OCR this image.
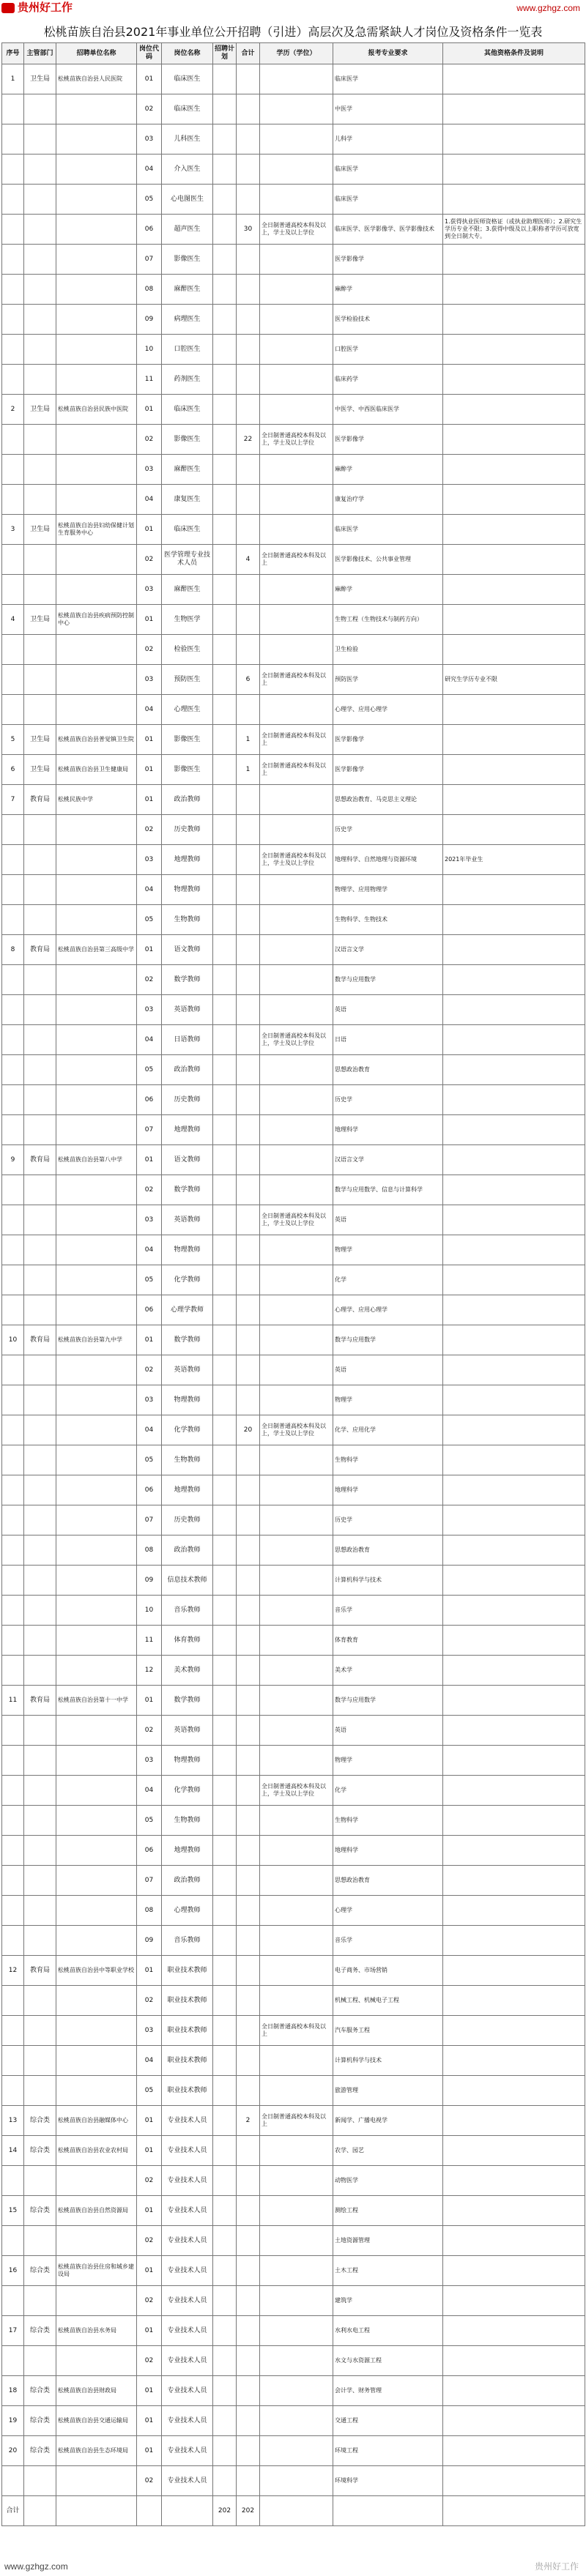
贵州好工作	www.gzhgz.com
松桃苗族自治县2021年事业单位公开招聘（引进）高层次及急需紧缺人才岗位及资格条件一览表
序号	主管部门	招聘单位名称	岗位代码	岗位名称	招聘计划	合计	学历（学位）	报考专业要求	其他资格条件及说明
1	卫生局	松桃苗族自治县人民医院	01	临床医生				临床医学	
			02	临床医生				中医学	
			03	儿科医生				儿科学	
			04	介入医生				临床医学	
			05	心电图医生				临床医学	
			06	超声医生		30	全日制普通高校本科及以上，学士及以上学位	临床医学、医学影像学、医学影像技术	1.获得执业医师资格证（或执业助理医师）；2.研究生学历专业不限；3.获得中级及以上职称者学历可放宽到全日制大专。
			07	影像医生				医学影像学	
			08	麻醉医生				麻醉学	
			09	病理医生				医学检验技术	
			10	口腔医生				口腔医学	
			11	药剂医生				临床药学	
2	卫生局	松桃苗族自治县民族中医院	01	临床医生				中医学、中西医临床医学	
			02	影像医生		22	全日制普通高校本科及以上，学士及以上学位	医学影像学	
			03	麻醉医生				麻醉学	
			04	康复医生				康复治疗学	
3	卫生局	松桃苗族自治县妇幼保健计划生育服务中心	01	临床医生				临床医学	
			02	医学管理专业技术人员		4	全日制普通高校本科及以上	医学影像技术、公共事业管理	
			03	麻醉医生				麻醉学	
4	卫生局	松桃苗族自治县疾病预防控制中心	01	生物医学				生物工程（生物技术与制药方向）	
			02	检验医生				卫生检验	
			03	预防医生		6	全日制普通高校本科及以上	预防医学	研究生学历专业不限
			04	心理医生				心理学、应用心理学	
5	卫生局	松桃苗族自治县普觉镇卫生院	01	影像医生		1	全日制普通高校本科及以上	医学影像学	
6	卫生局	松桃苗族自治县卫生健康局	01	影像医生		1	全日制普通高校本科及以上	医学影像学	
7	教育局	松桃民族中学	01	政治教师				思想政治教育、马克思主义理论	
			02	历史教师				历史学	
			03	地理教师			全日制普通高校本科及以上，学士及以上学位	地理科学、自然地理与资源环境	2021年毕业生
			04	物理教师				物理学、应用物理学	
			05	生物教师				生物科学、生物技术	
8	教育局	松桃苗族自治县第三高级中学	01	语文教师				汉语言文学	
			02	数学教师				数学与应用数学	
			03	英语教师				英语	
			04	日语教师			全日制普通高校本科及以上，学士及以上学位	日语	
			05	政治教师				思想政治教育	
			06	历史教师				历史学	
			07	地理教师				地理科学	
9	教育局	松桃苗族自治县第八中学	01	语文教师				汉语言文学	
			02	数学教师				数学与应用数学、信息与计算科学	
			03	英语教师			全日制普通高校本科及以上，学士及以上学位	英语	
			04	物理教师				物理学	
			05	化学教师				化学	
			06	心理学教师				心理学、应用心理学	
10	教育局	松桃苗族自治县第九中学	01	数学教师				数学与应用数学	
			02	英语教师				英语	
			03	物理教师				物理学	
			04	化学教师		20	全日制普通高校本科及以上，学士及以上学位	化学、应用化学	
			05	生物教师				生物科学	
			06	地理教师				地理科学	
			07	历史教师				历史学	
			08	政治教师				思想政治教育	
			09	信息技术教师				计算机科学与技术	
			10	音乐教师				音乐学	
			11	体育教师				体育教育	
			12	美术教师				美术学	
11	教育局	松桃苗族自治县第十一中学	01	数学教师				数学与应用数学	
			02	英语教师				英语	
			03	物理教师				物理学	
			04	化学教师			全日制普通高校本科及以上，学士及以上学位	化学	
			05	生物教师				生物科学	
			06	地理教师				地理科学	
			07	政治教师				思想政治教育	
			08	心理教师				心理学	
			09	音乐教师				音乐学	
12	教育局	松桃苗族自治县中等职业学校	01	职业技术教师				电子商务、市场营销	
			02	职业技术教师				机械工程、机械电子工程	
			03	职业技术教师			全日制普通高校本科及以上	汽车服务工程	
			04	职业技术教师				计算机科学与技术	
			05	职业技术教师				旅游管理	
13	综合类	松桃苗族自治县融媒体中心	01	专业技术人员		2	全日制普通高校本科及以上	新闻学、广播电视学	
14	综合类	松桃苗族自治县农业农村局	01	专业技术人员				农学、园艺	
			02	专业技术人员				动物医学	
15	综合类	松桃苗族自治县自然资源局	01	专业技术人员				测绘工程	
			02	专业技术人员				土地资源管理	
16	综合类	松桃苗族自治县住房和城乡建设局	01	专业技术人员				土木工程	
			02	专业技术人员				建筑学	
17	综合类	松桃苗族自治县水务局	01	专业技术人员				水利水电工程	
			02	专业技术人员				水文与水资源工程	
18	综合类	松桃苗族自治县财政局	01	专业技术人员				会计学、财务管理	
19	综合类	松桃苗族自治县交通运输局	01	专业技术人员				交通工程	
20	综合类	松桃苗族自治县生态环境局	01	专业技术人员				环境工程	
			02	专业技术人员				环境科学	
合计					202	202			
www.gzhgz.com	贵州好工作
